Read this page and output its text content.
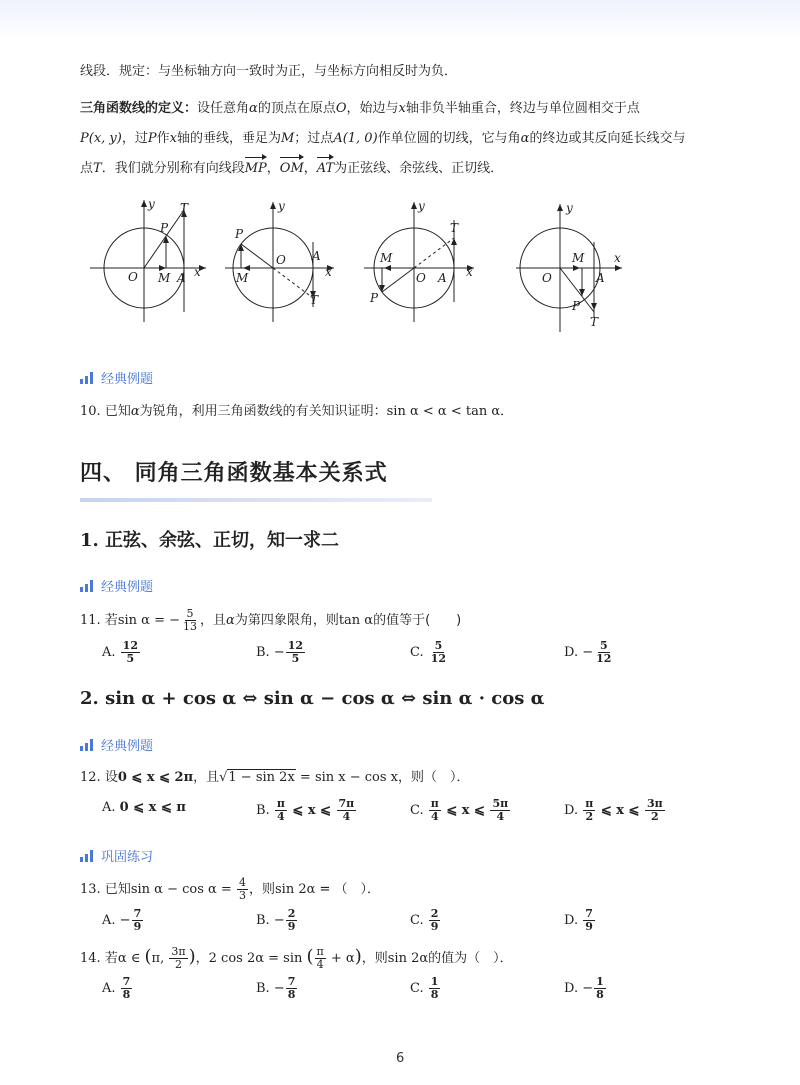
线段．规定：与坐标轴方向一致时为正，与坐标方向相反时为负．
三角函数线的定义：设任意角α的顶点在原点O，始边与x轴非负半轴重合，终边与单位圆相交于点
P(x, y)，过P作x轴的垂线，垂足为M；过点A(1, 0)作单位圆的切线，它与角α的终边或其反向延长线交与
点T．我们就分别称有向线段MP，OM，AT为正弦线、余弦线、正切线．
y T
P
O M A x
y
P
O A
x
M
T
y
T
M
O A x
P
y
M x
O	A
P
T
经典例题
10. 已知α为锐角，利用三角函数线的有关知识证明：sin α < α < tan α．
四、 同角三角函数基本关系式
1. 正弦、余弦、正切，知一求二
经典例题
11. 若sin α = − $\frac{5}{13}$ ，且α为第四象限角，则tan α的值等于(　　)
A. $\frac{12}{5}$	B. − $\frac{12}{5}$	C. $\frac{5}{12}$	D. − $\frac{5}{12}$
2. sin α + cos α ⇔ sin α − cos α ⇔ sin α · cos α
经典例题
12. 设0 ⩽ x ⩽ 2π，且√1 − sin 2x = sin x − cos x，则（　）．
A. 0 ⩽ x ⩽ π	B. $\frac{\pi}{4}$ ⩽ x ⩽ $\frac{7\pi}{4}$	C. $\frac{\pi}{4}$ ⩽ x ⩽ $\frac{5\pi}{4}$	D. $\frac{\pi}{2}$ ⩽ x ⩽ $\frac{3\pi}{2}$
巩固练习
13. 已知$\sin \alpha - \cos \alpha = \frac{4}{3}$ ，则sin 2α = （　）．
A. − $\frac{7}{9}$	B. − $\frac{2}{9}$	C. $\frac{2}{9}$	D. $\frac{7}{9}$
14. 若α ∈ (π, $\frac{3\pi}{2}$ )，2 cos 2α = sin ( $\frac{\pi}{4} + \alpha$)，则sin 2α的值为（　）．
A. $\frac{7}{8}$	B. − $\frac{7}{8}$	C. $\frac{1}{8}$	D. − $\frac{1}{8}$
6
